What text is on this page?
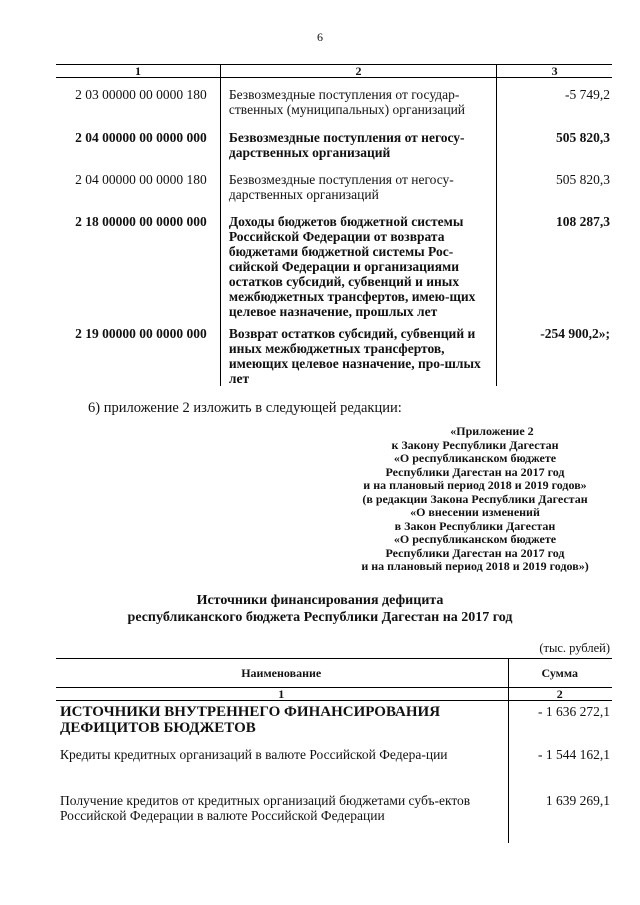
6
1	2	3
2 03 00000 00 0000 180	Безвозмездные поступления от государ-ственных (муниципальных) организаций	-5 749,2
2 04 00000 00 0000 000	Безвозмездные поступления от негосу-дарственных организаций	505 820,3
2 04 00000 00 0000 180	Безвозмездные поступления от негосу-дарственных организаций	505 820,3
2 18 00000 00 0000 000	Доходы бюджетов бюджетной системы Российской Федерации от возврата бюджетами бюджетной системы Рос-сийской Федерации и организациями остатков субсидий, субвенций и иных межбюджетных трансфертов, имею-щих целевое назначение, прошлых лет	108 287,3
2 19 00000 00 0000 000	Возврат остатков субсидий, субвенций и иных межбюджетных трансфертов, имеющих целевое назначение, про-шлых лет	-254 900,2»;
6) приложение 2 изложить в следующей редакции:
«Приложение 2
к Закону Республики Дагестан
«О республиканском бюджете
Республики Дагестан на 2017 год
и на плановый период 2018 и 2019 годов»
(в редакции Закона Республики Дагестан
«О внесении изменений
в Закон Республики Дагестан
«О республиканском бюджете
Республики Дагестан на 2017 год
и на плановый период 2018 и 2019 годов»)
Источники финансирования дефицита
республиканского бюджета Республики Дагестан на 2017 год
(тыс. рублей)
Наименование	Сумма
1	2
ИСТОЧНИКИ ВНУТРЕННЕГО ФИНАНСИРОВАНИЯ ДЕФИЦИТОВ БЮДЖЕТОВ	- 1 636 272,1
Кредиты кредитных организаций в валюте Российской Федера-ции	- 1 544 162,1
Получение кредитов от кредитных организаций бюджетами субъ-ектов Российской Федерации в валюте Российской Федерации	1 639 269,1
